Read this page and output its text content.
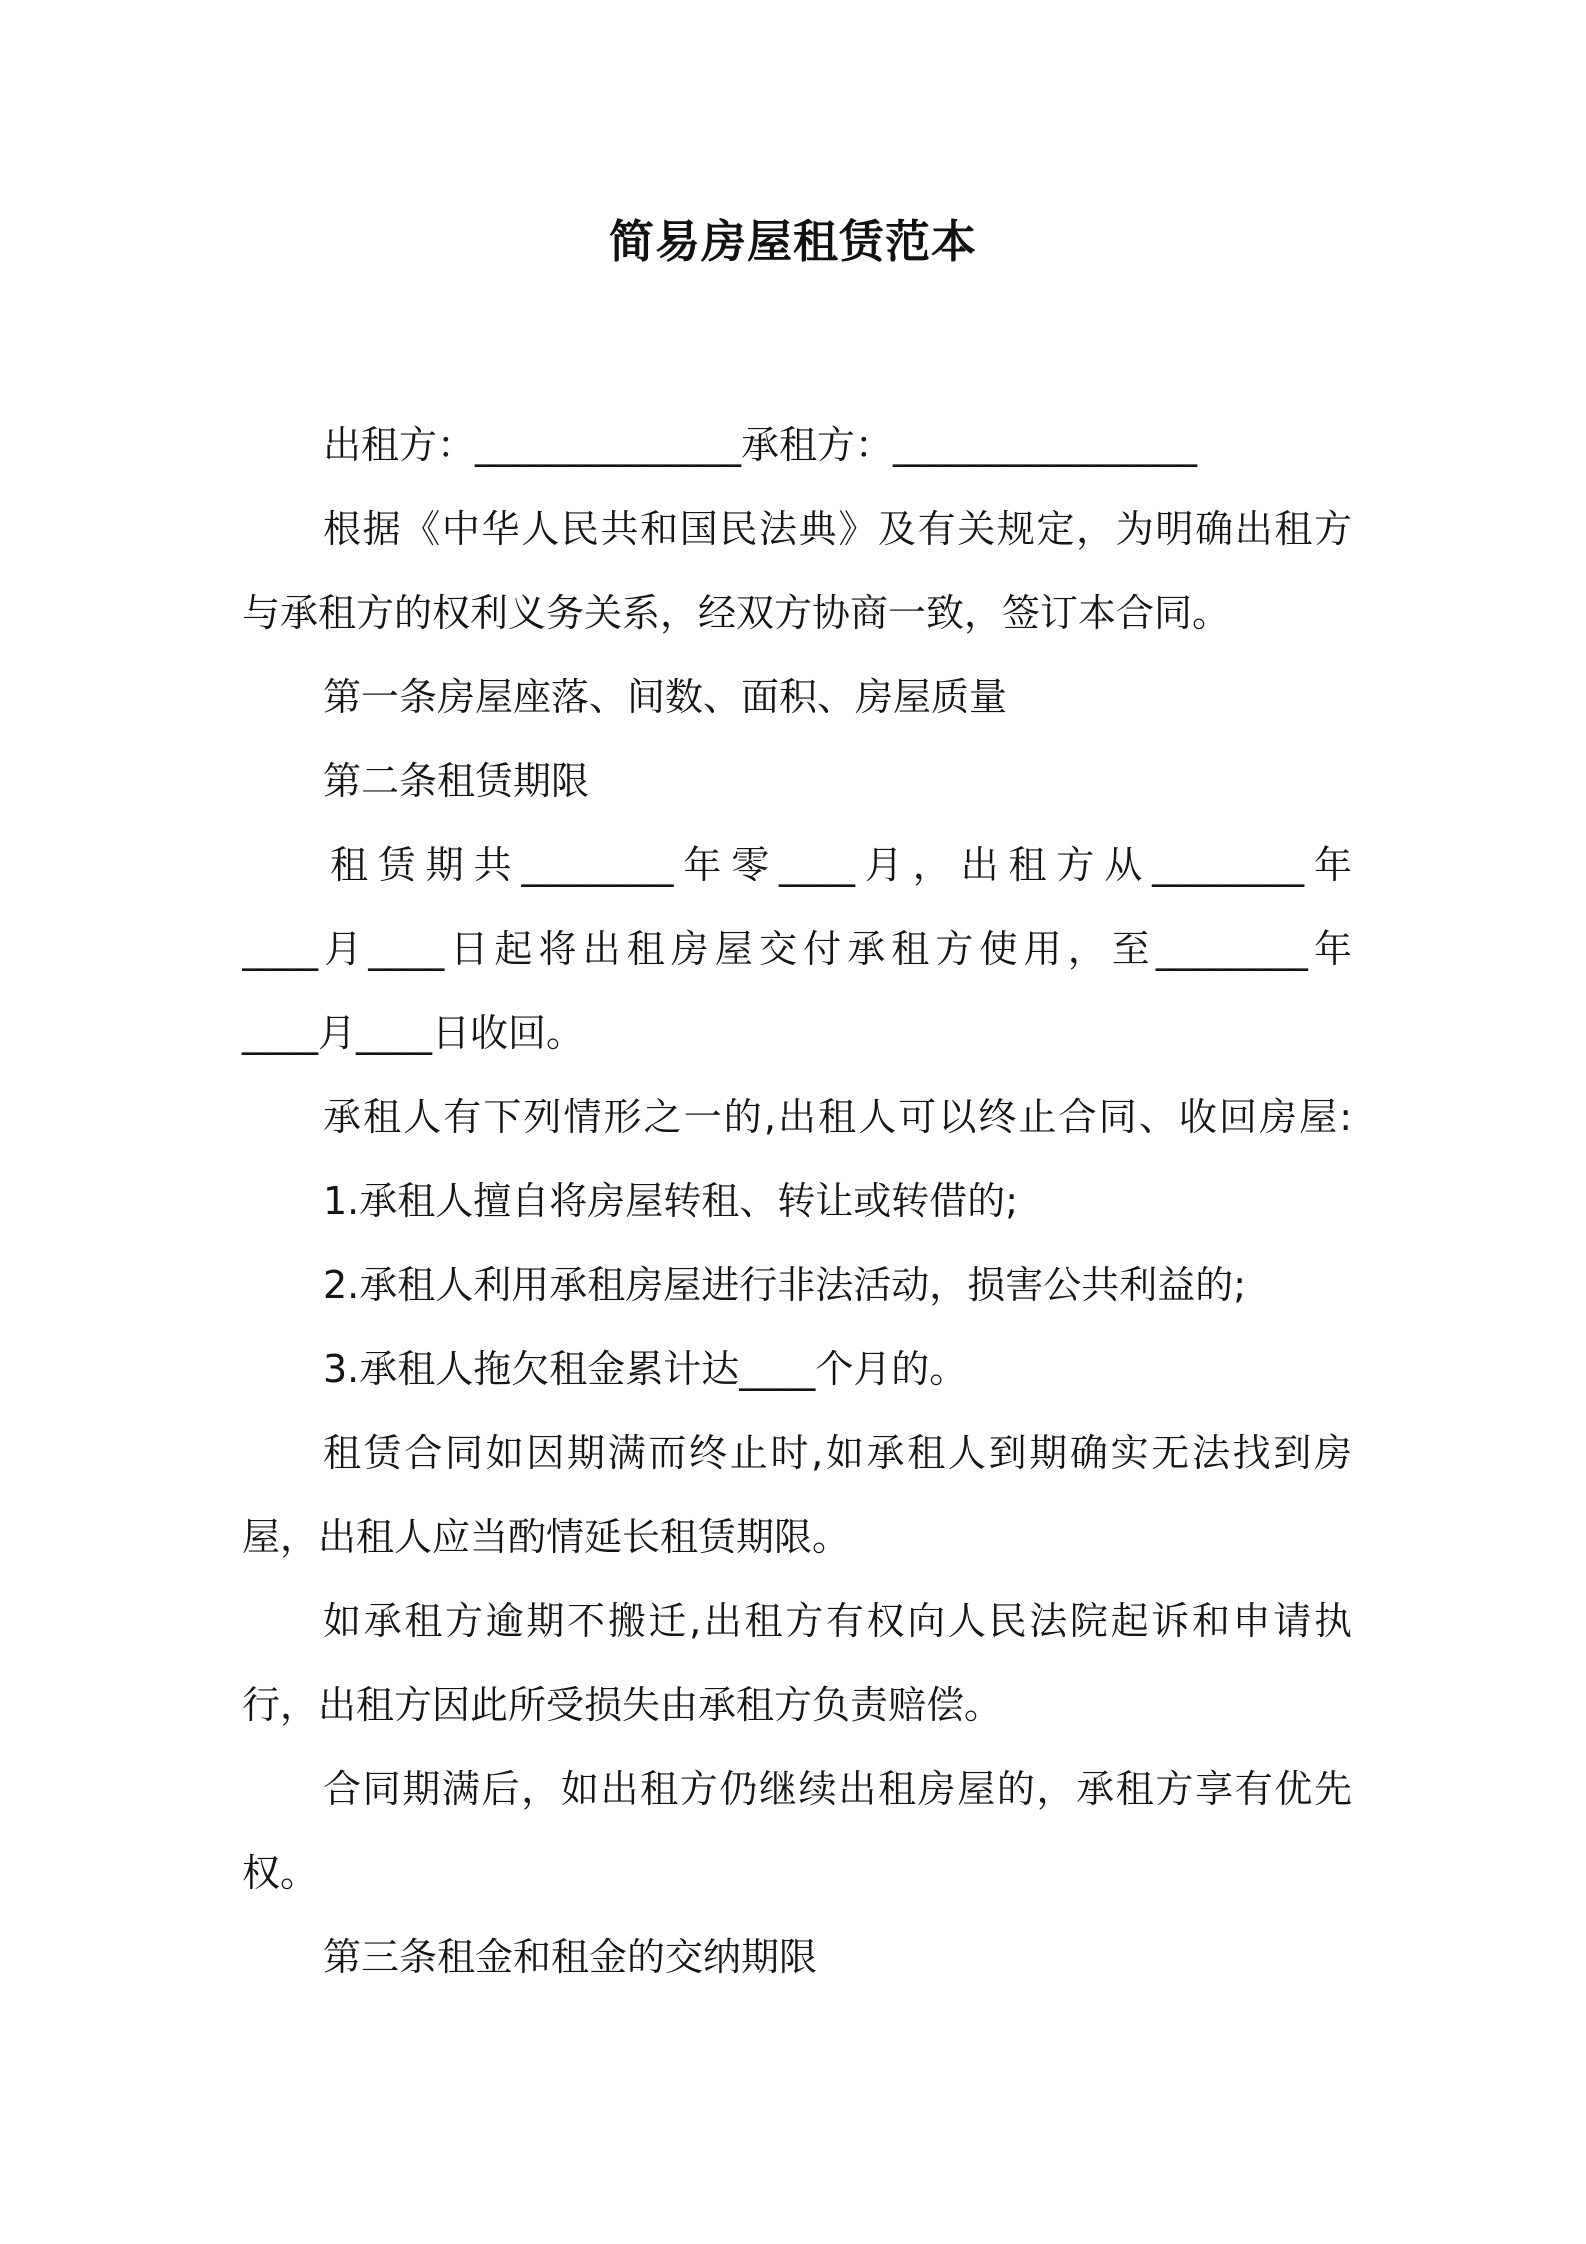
简易房屋租赁范本
出租方：______________承租方：________________
根据《中华人民共和国民法典》及有关规定，为明确出租方
与承租方的权利义务关系，经双方协商一致，签订本合同。
第一条房屋座落、间数、面积、房屋质量
第二条租赁期限
租赁期共________年零____月，出租方从________年
____月____日起将出租房屋交付承租方使用，至________年
____月____日收回。
承租人有下列情形之一的,出租人可以终止合同、收回房屋:
1.承租人擅自将房屋转租、转让或转借的;
2.承租人利用承租房屋进行非法活动，损害公共利益的;
3.承租人拖欠租金累计达____个月的。
租赁合同如因期满而终止时,如承租人到期确实无法找到房
屋，出租人应当酌情延长租赁期限。
如承租方逾期不搬迁,出租方有权向人民法院起诉和申请执
行，出租方因此所受损失由承租方负责赔偿。
合同期满后，如出租方仍继续出租房屋的，承租方享有优先
权。
第三条租金和租金的交纳期限
